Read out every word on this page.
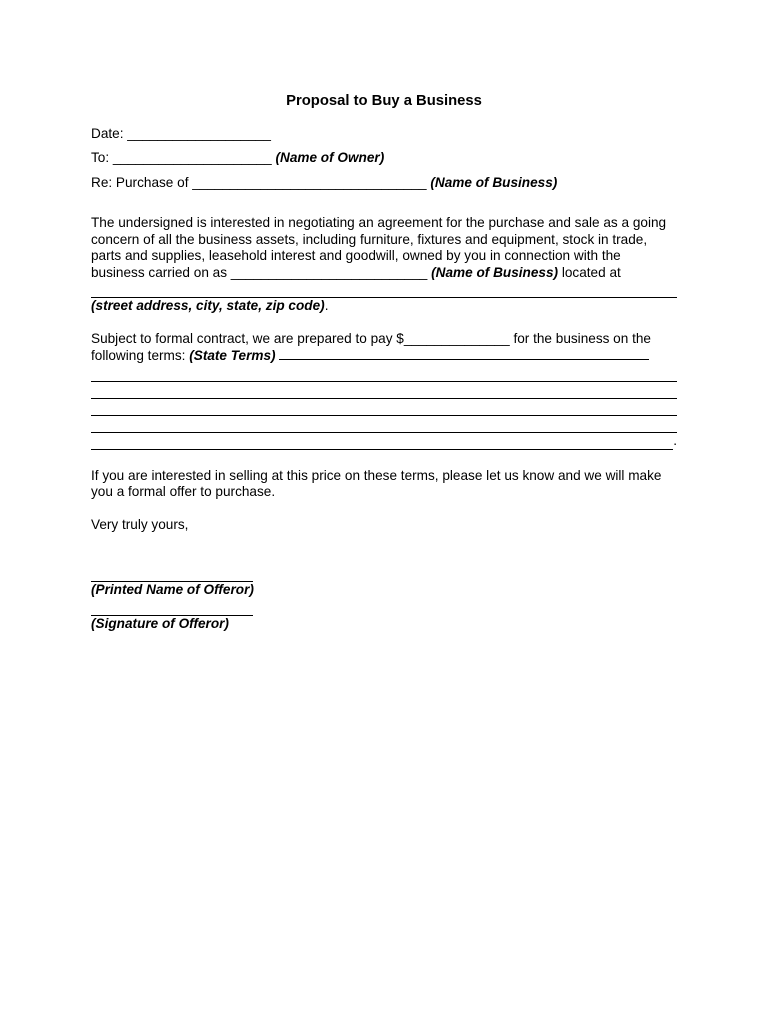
Proposal to Buy a Business
Date: ___________________
To: _____________________ (Name of Owner)
Re: Purchase of _______________________________ (Name of Business)

The undersigned is interested in negotiating an agreement for the purchase and sale as a going concern of all the business assets, including furniture, fixtures and equipment, stock in trade, parts and supplies, leasehold interest and goodwill, owned by you in connection with the business carried on as __________________________ (Name of Business) located at

(street address, city, state, zip code).

Subject to formal contract, we are prepared to pay $______________ for the business on the following terms: (State Terms)

.

If you are interested in selling at this price on these terms, please let us know and we will make you a formal offer to purchase.

Very truly yours,

(Printed Name of Offeror)
(Signature of Offeror)
